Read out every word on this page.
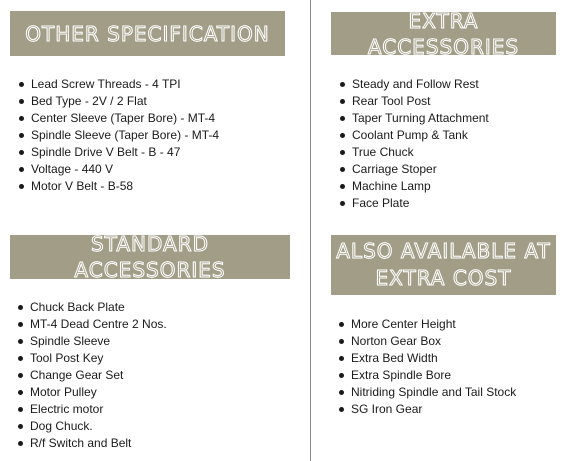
OTHER SPECIFICATION
Lead Screw Threads - 4 TPI
Bed Type - 2V / 2 Flat
Center Sleeve (Taper Bore) - MT-4
Spindle Sleeve (Taper Bore) - MT-4
Spindle Drive V Belt - B - 47
Voltage - 440 V
Motor V Belt - B-58
EXTRA ACCESSORIES
Steady and Follow Rest
Rear Tool Post
Taper Turning Attachment
Coolant Pump & Tank
True Chuck
Carriage Stoper
Machine Lamp
Face Plate
STANDARD ACCESSORIES
Chuck Back Plate
MT-4 Dead Centre 2 Nos.
Spindle Sleeve
Tool Post Key
Change Gear Set
Motor Pulley
Electric motor
Dog Chuck.
R/f Switch and Belt
ALSO AVAILABLE AT
EXTRA COST
More Center Height
Norton Gear Box
Extra Bed Width
Extra Spindle Bore
Nitriding Spindle and Tail Stock
SG Iron Gear
